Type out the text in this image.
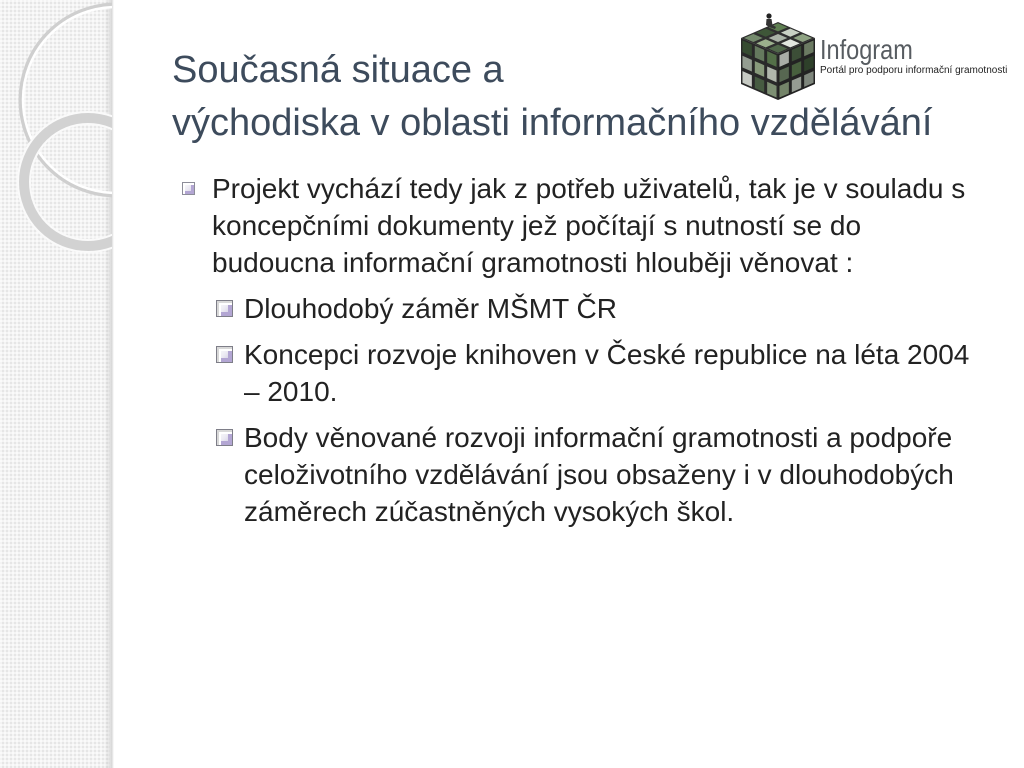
Současná situace a
východiska v oblasti informačního vzdělávání
Infogram
Portál pro podporu informační gramotnosti
Projekt vychází tedy jak z potřeb uživatelů, tak je v souladu s koncepčními dokumenty jež počítají s nutností se do budoucna informační gramotnosti hlouběji věnovat :
Dlouhodobý záměr MŠMT ČR
Koncepci rozvoje knihoven v České republice na léta 2004 – 2010.
Body věnované rozvoji informační gramotnosti a podpoře celoživotního vzdělávání jsou obsaženy i v dlouhodobých záměrech zúčastněných vysokých škol.
